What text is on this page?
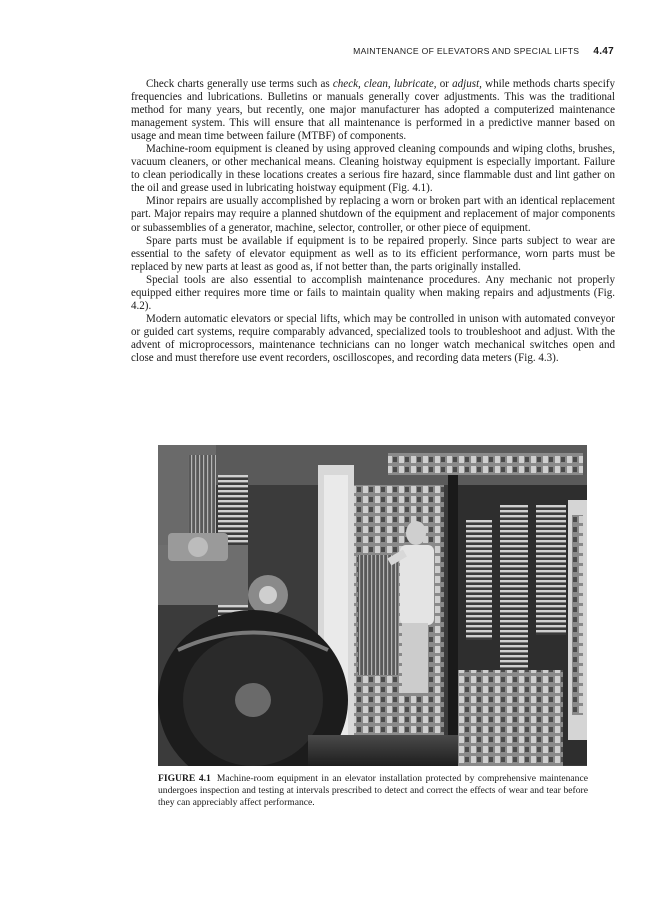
MAINTENANCE OF ELEVATORS AND SPECIAL LIFTS 4.47

Check charts generally use terms such as check, clean, lubricate, or adjust, while methods charts specify frequencies and lubrications. Bulletins or manuals generally cover adjustments. This was the traditional method for many years, but recently, one major manufacturer has adopted a computerized maintenance management system. This will ensure that all maintenance is performed in a predictive manner based on usage and mean time between failure (MTBF) of components.

Machine-room equipment is cleaned by using approved cleaning compounds and wiping cloths, brushes, vacuum cleaners, or other mechanical means. Cleaning hoistway equipment is especially important. Failure to clean periodically in these locations creates a serious fire hazard, since flammable dust and lint gather on the oil and grease used in lubricating hoistway equipment (Fig. 4.1).

Minor repairs are usually accomplished by replacing a worn or broken part with an identical replacement part. Major repairs may require a planned shutdown of the equipment and replacement of major components or subassemblies of a generator, machine, selector, controller, or other piece of equipment.

Spare parts must be available if equipment is to be repaired properly. Since parts subject to wear are essential to the safety of elevator equipment as well as to its efficient performance, worn parts must be replaced by new parts at least as good as, if not better than, the parts originally installed.

Special tools are also essential to accomplish maintenance procedures. Any mechanic not properly equipped either requires more time or fails to maintain quality when making repairs and adjustments (Fig. 4.2).

Modern automatic elevators or special lifts, which may be controlled in unison with automated conveyor or guided cart systems, require comparably advanced, specialized tools to troubleshoot and adjust. With the advent of microprocessors, maintenance technicians can no longer watch mechanical switches open and close and must therefore use event recorders, oscilloscopes, and recording data meters (Fig. 4.3).

FIGURE 4.1 Machine-room equipment in an elevator installation protected by comprehensive maintenance undergoes inspection and testing at intervals prescribed to detect and correct the effects of wear and tear before they can appreciably affect performance.
